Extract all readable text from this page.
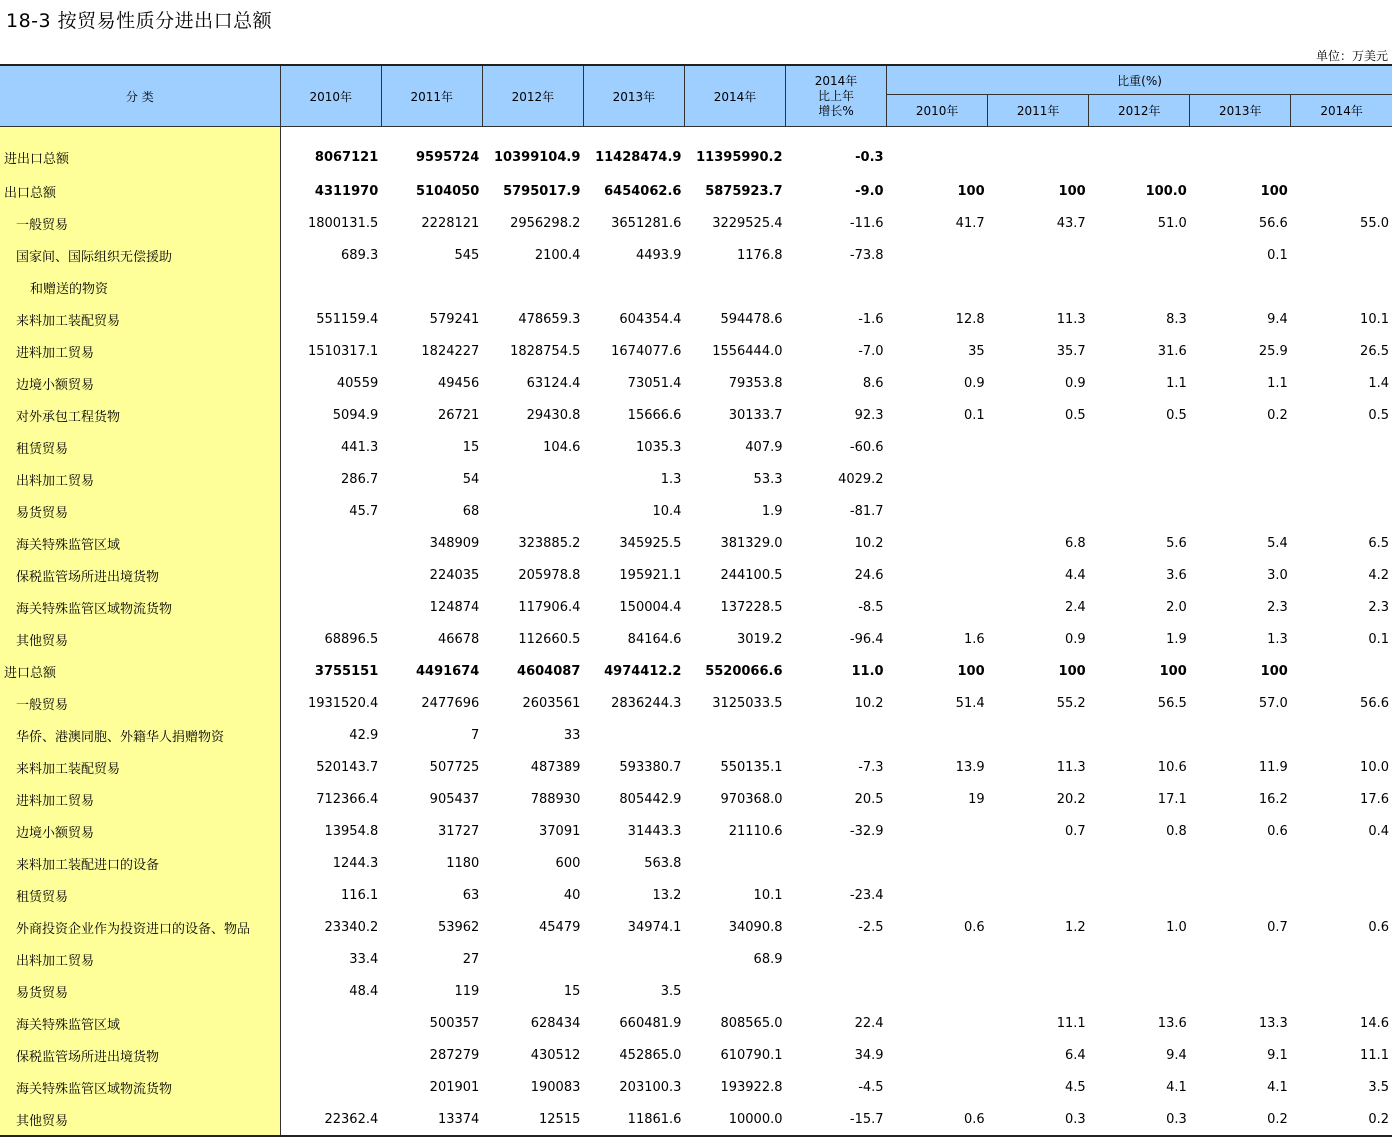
18-3 按贸易性质分进出口总额
单位：万美元
分 类	2010年	2011年	2012年	2013年	2014年	2014年
比上年
增长%	比重(%)				
							2010年	2011年	2012年	2013年	2014年
进出口总额	8067121	9595724	10399104.9	11428474.9	11395990.2	-0.3					
出口总额	4311970	5104050	5795017.9	6454062.6	5875923.7	-9.0	100	100	100.0	100	
一般贸易	1800131.5	2228121	2956298.2	3651281.6	3229525.4	-11.6	41.7	43.7	51.0	56.6	55.0
国家间、国际组织无偿援助	689.3	545	2100.4	4493.9	1176.8	-73.8				0.1	
和赠送的物资											
来料加工装配贸易	551159.4	579241	478659.3	604354.4	594478.6	-1.6	12.8	11.3	8.3	9.4	10.1
进料加工贸易	1510317.1	1824227	1828754.5	1674077.6	1556444.0	-7.0	35	35.7	31.6	25.9	26.5
边境小额贸易	40559	49456	63124.4	73051.4	79353.8	8.6	0.9	0.9	1.1	1.1	1.4
对外承包工程货物	5094.9	26721	29430.8	15666.6	30133.7	92.3	0.1	0.5	0.5	0.2	0.5
租赁贸易	441.3	15	104.6	1035.3	407.9	-60.6					
出料加工贸易	286.7	54		1.3	53.3	4029.2					
易货贸易	45.7	68		10.4	1.9	-81.7					
海关特殊监管区域		348909	323885.2	345925.5	381329.0	10.2		6.8	5.6	5.4	6.5
保税监管场所进出境货物		224035	205978.8	195921.1	244100.5	24.6		4.4	3.6	3.0	4.2
海关特殊监管区域物流货物		124874	117906.4	150004.4	137228.5	-8.5		2.4	2.0	2.3	2.3
其他贸易	68896.5	46678	112660.5	84164.6	3019.2	-96.4	1.6	0.9	1.9	1.3	0.1
进口总额	3755151	4491674	4604087	4974412.2	5520066.6	11.0	100	100	100	100	
一般贸易	1931520.4	2477696	2603561	2836244.3	3125033.5	10.2	51.4	55.2	56.5	57.0	56.6
华侨、港澳同胞、外籍华人捐赠物资	42.9	7	33								
来料加工装配贸易	520143.7	507725	487389	593380.7	550135.1	-7.3	13.9	11.3	10.6	11.9	10.0
进料加工贸易	712366.4	905437	788930	805442.9	970368.0	20.5	19	20.2	17.1	16.2	17.6
边境小额贸易	13954.8	31727	37091	31443.3	21110.6	-32.9		0.7	0.8	0.6	0.4
来料加工装配进口的设备	1244.3	1180	600	563.8							
租赁贸易	116.1	63	40	13.2	10.1	-23.4					
外商投资企业作为投资进口的设备、物品	23340.2	53962	45479	34974.1	34090.8	-2.5	0.6	1.2	1.0	0.7	0.6
出料加工贸易	33.4	27			68.9						
易货贸易	48.4	119	15	3.5							
海关特殊监管区域		500357	628434	660481.9	808565.0	22.4		11.1	13.6	13.3	14.6
保税监管场所进出境货物		287279	430512	452865.0	610790.1	34.9		6.4	9.4	9.1	11.1
海关特殊监管区域物流货物		201901	190083	203100.3	193922.8	-4.5		4.5	4.1	4.1	3.5
其他贸易	22362.4	13374	12515	11861.6	10000.0	-15.7	0.6	0.3	0.3	0.2	0.2
